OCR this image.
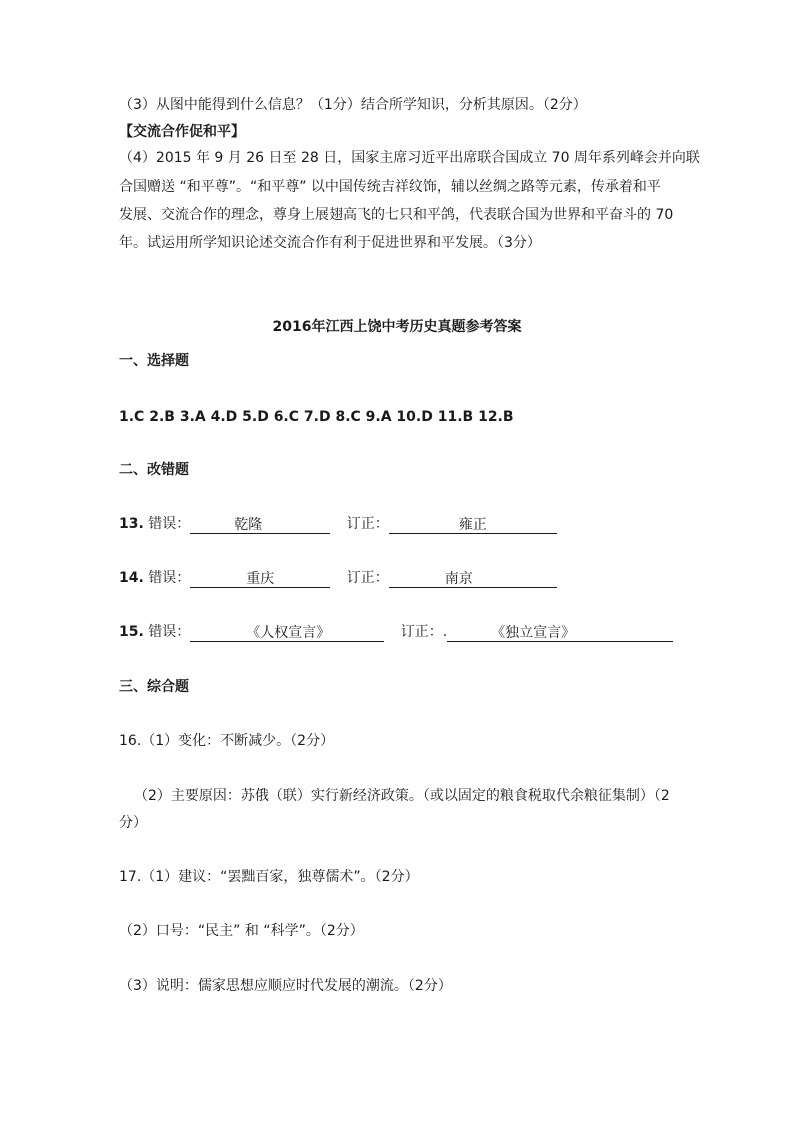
（3）从图中能得到什么信息？（1分）结合所学知识，分析其原因。（2分）
【交流合作促和平】
（4）2015 年 9 月 26 日至 28 日，国家主席习近平出席联合国成立 70 周年系列峰会并向联
合国赠送 “和平尊”。“和平尊” 以中国传统吉祥纹饰，辅以丝绸之路等元素，传承着和平
发展、交流合作的理念，尊身上展翅高飞的七只和平鸽，代表联合国为世界和平奋斗的 70
年。试运用所学知识论述交流合作有利于促进世界和平发展。（3分）
2016年江西上饶中考历史真题参考答案
一、选择题
1.C 2.B 3.A 4.D 5.D 6.C 7.D 8.C 9.A 10.D 11.B 12.B
二、改错题
13. 错误：	乾隆	订正：	雍正
14. 错误：	重庆	订正：	南京
15. 错误：	《人权宣言》	订正：.	《独立宣言》
三、综合题
16.（1）变化：不断减少。（2分）
（2）主要原因：苏俄（联）实行新经济政策。（或以固定的粮食税取代余粮征集制）（2
分）
17.（1）建议：“罢黜百家，独尊儒术”。（2分）
（2）口号：“民主” 和 “科学”。（2分）
（3）说明：儒家思想应顺应时代发展的潮流。（2分）
